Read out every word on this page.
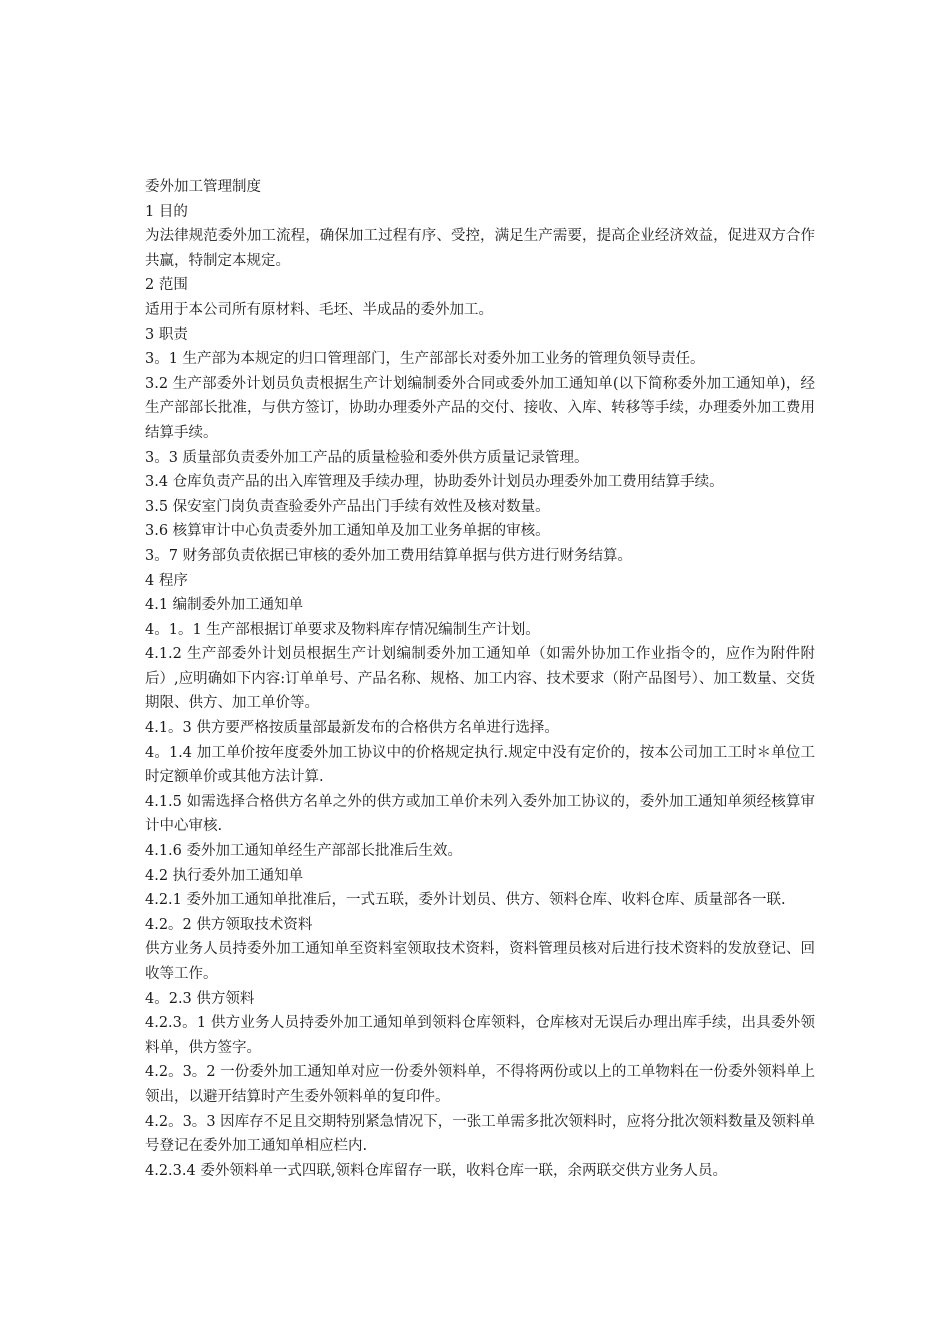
委外加工管理制度

1 目的

为法律规范委外加工流程，确保加工过程有序、受控，满足生产需要，提高企业经济效益，促进双方合作共赢，特制定本规定。

2 范围

适用于本公司所有原材料、毛坯、半成品的委外加工。

3 职责

3。1 生产部为本规定的归口管理部门，生产部部长对委外加工业务的管理负领导责任。

3.2 生产部委外计划员负责根据生产计划编制委外合同或委外加工通知单(以下简称委外加工通知单)，经生产部部长批准，与供方签订，协助办理委外产品的交付、接收、入库、转移等手续，办理委外加工费用结算手续。

3。3 质量部负责委外加工产品的质量检验和委外供方质量记录管理。

3.4 仓库负责产品的出入库管理及手续办理，协助委外计划员办理委外加工费用结算手续。

3.5 保安室门岗负责查验委外产品出门手续有效性及核对数量。

3.6 核算审计中心负责委外加工通知单及加工业务单据的审核。

3。7 财务部负责依据已审核的委外加工费用结算单据与供方进行财务结算。

4 程序

4.1 编制委外加工通知单

4。1。1 生产部根据订单要求及物料库存情况编制生产计划。

4.1.2 生产部委外计划员根据生产计划编制委外加工通知单（如需外协加工作业指令的，应作为附件附后）,应明确如下内容:订单单号、产品名称、规格、加工内容、技术要求（附产品图号）、加工数量、交货期限、供方、加工单价等。

4.1。3 供方要严格按质量部最新发布的合格供方名单进行选择。

4。1.4 加工单价按年度委外加工协议中的价格规定执行.规定中没有定价的，按本公司加工工时＊单位工时定额单价或其他方法计算.

4.1.5 如需选择合格供方名单之外的供方或加工单价未列入委外加工协议的，委外加工通知单须经核算审计中心审核.

4.1.6 委外加工通知单经生产部部长批准后生效。

4.2 执行委外加工通知单

4.2.1 委外加工通知单批准后，一式五联，委外计划员、供方、领料仓库、收料仓库、质量部各一联.

4.2。2 供方领取技术资料

供方业务人员持委外加工通知单至资料室领取技术资料，资料管理员核对后进行技术资料的发放登记、回收等工作。

4。2.3 供方领料

4.2.3。1 供方业务人员持委外加工通知单到领料仓库领料，仓库核对无误后办理出库手续，出具委外领料单，供方签字。

4.2。3。2 一份委外加工通知单对应一份委外领料单，不得将两份或以上的工单物料在一份委外领料单上领出，以避开结算时产生委外领料单的复印件。

4.2。3。3 因库存不足且交期特别紧急情况下，一张工单需多批次领料时，应将分批次领料数量及领料单号登记在委外加工通知单相应栏内.

4.2.3.4 委外领料单一式四联,领料仓库留存一联，收料仓库一联，余两联交供方业务人员。
